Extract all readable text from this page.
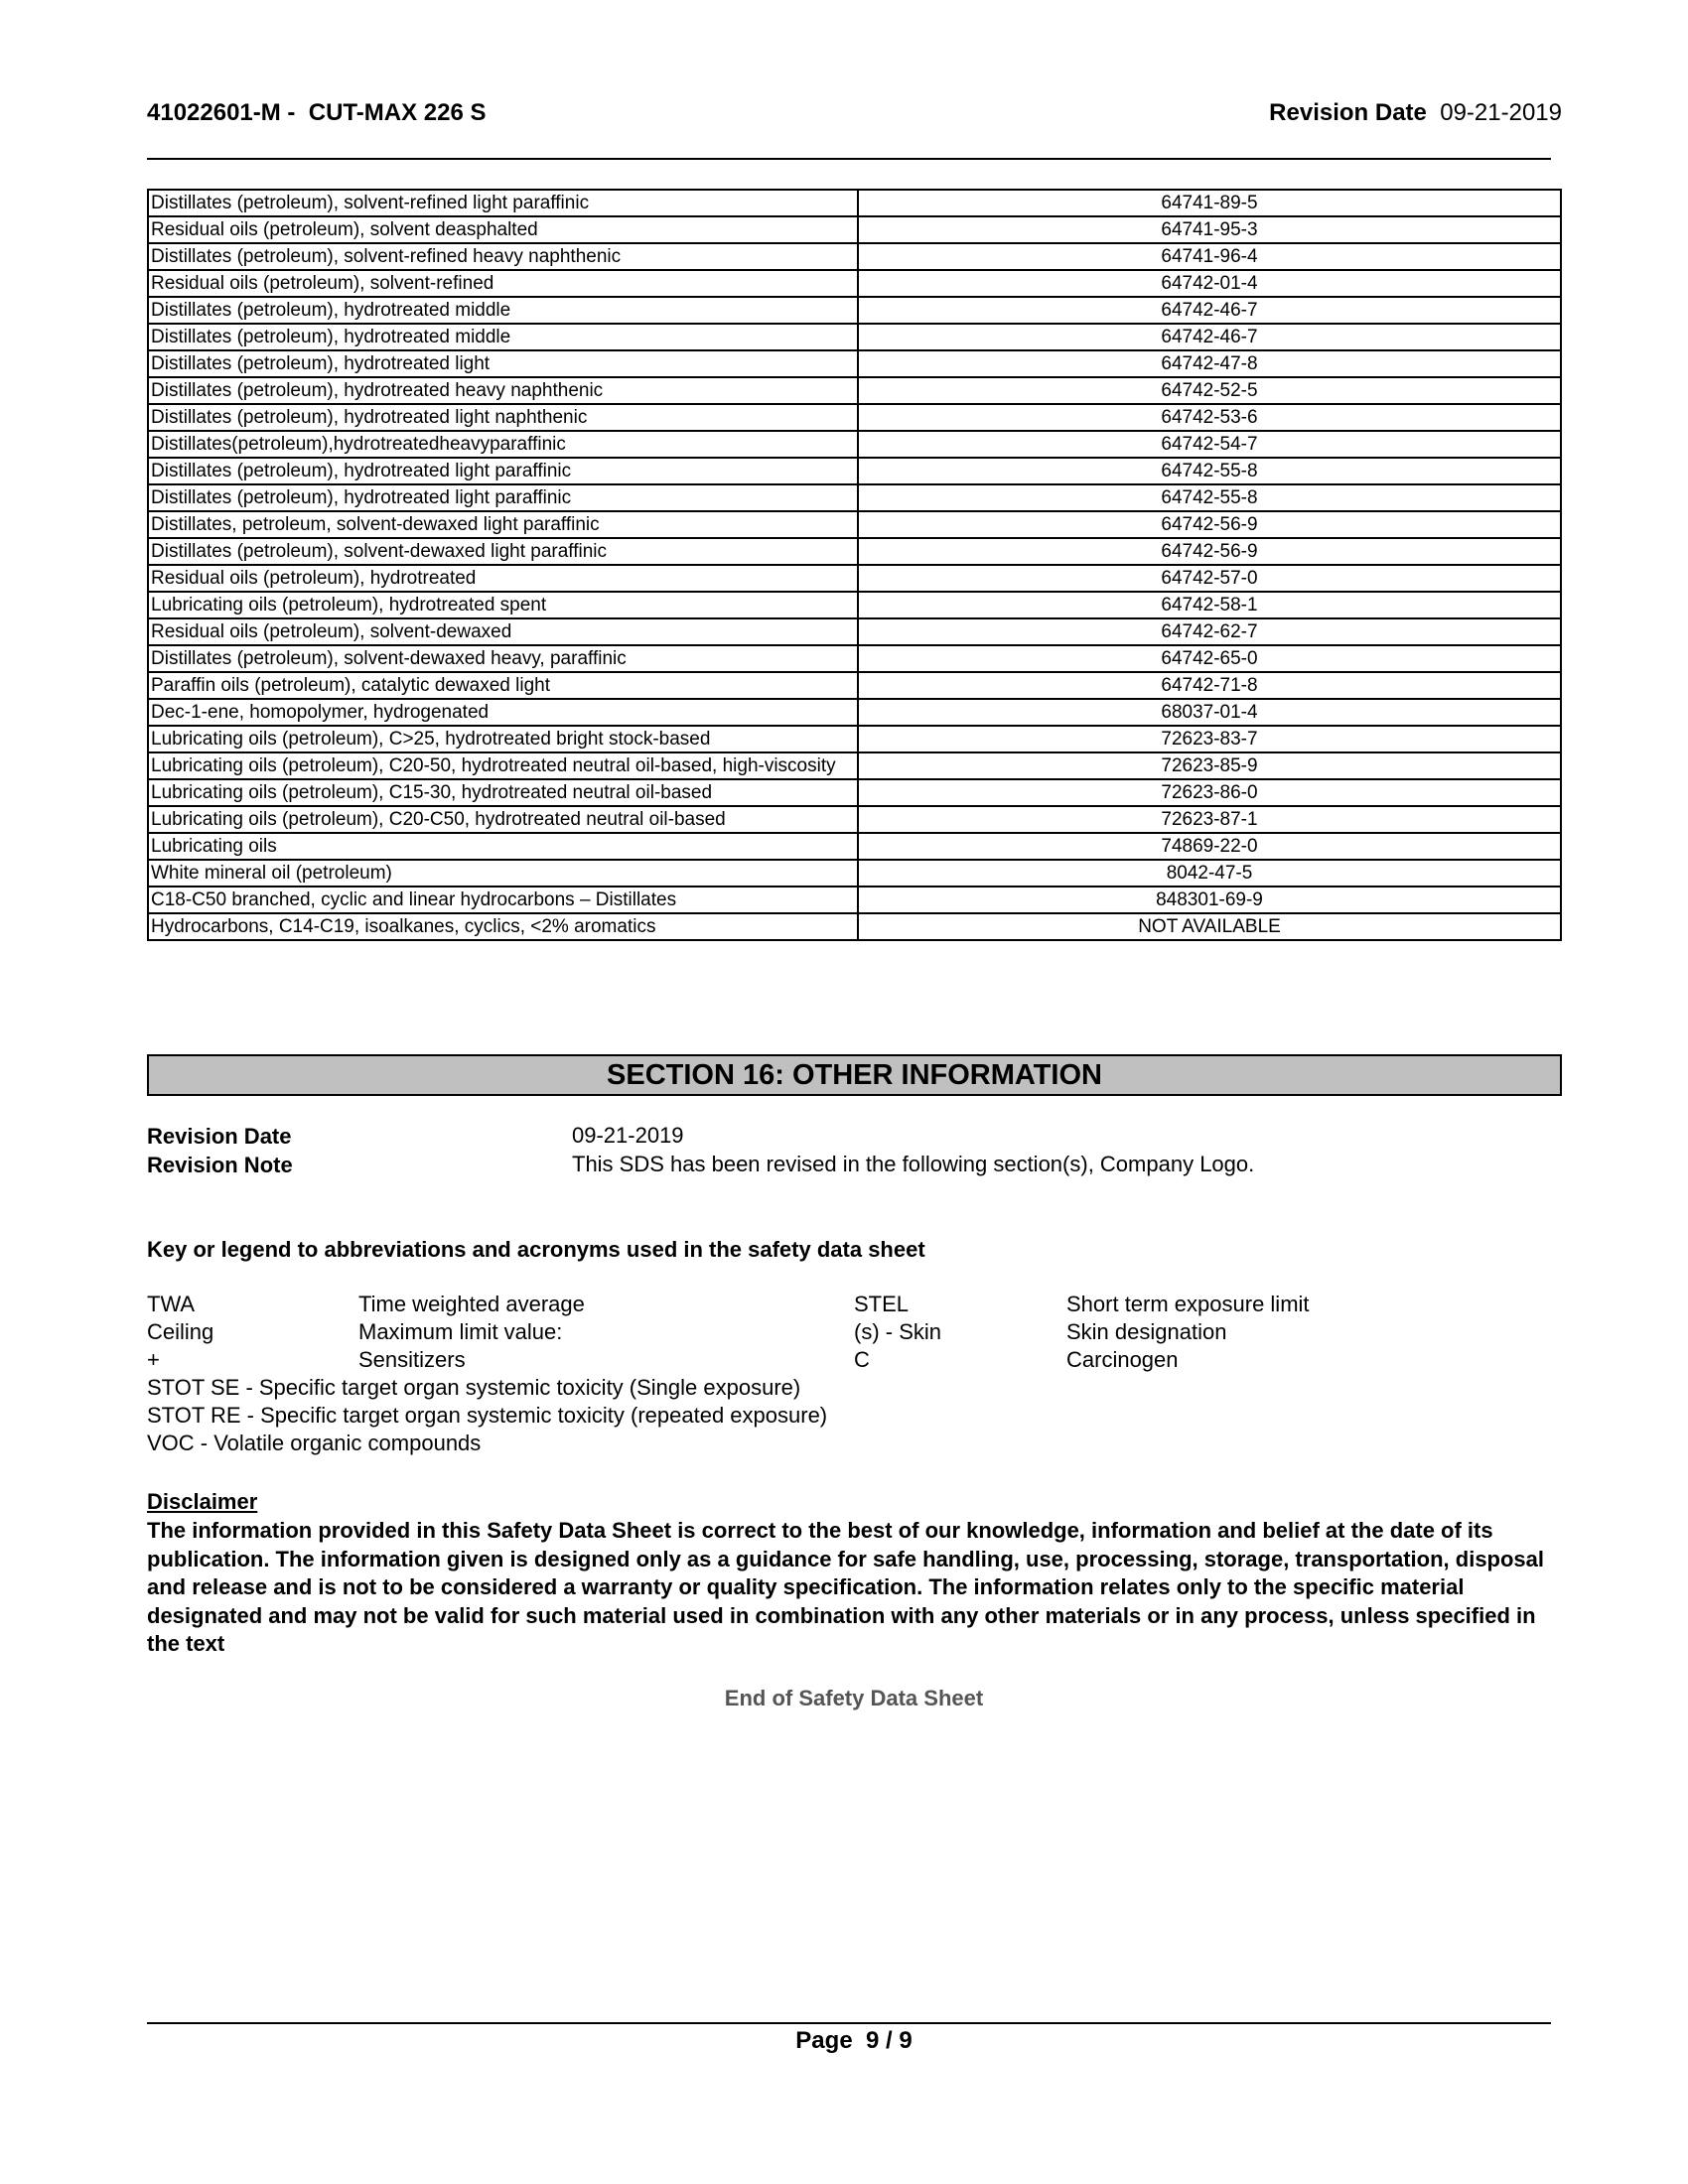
41022601-M -  CUT-MAX 226 S	Revision Date 09-21-2019
Distillates (petroleum), solvent-refined light paraffinic	64741-89-5
Residual oils (petroleum), solvent deasphalted	64741-95-3
Distillates (petroleum), solvent-refined heavy naphthenic	64741-96-4
Residual oils (petroleum), solvent-refined	64742-01-4
Distillates (petroleum), hydrotreated middle	64742-46-7
Distillates (petroleum), hydrotreated middle	64742-46-7
Distillates (petroleum), hydrotreated light	64742-47-8
Distillates (petroleum), hydrotreated heavy naphthenic	64742-52-5
Distillates (petroleum), hydrotreated light naphthenic	64742-53-6
Distillates(petroleum),hydrotreatedheavyparaffinic	64742-54-7
Distillates (petroleum), hydrotreated light paraffinic	64742-55-8
Distillates (petroleum), hydrotreated light paraffinic	64742-55-8
Distillates, petroleum, solvent-dewaxed light paraffinic	64742-56-9
Distillates (petroleum), solvent-dewaxed light paraffinic	64742-56-9
Residual oils (petroleum), hydrotreated	64742-57-0
Lubricating oils (petroleum), hydrotreated spent	64742-58-1
Residual oils (petroleum), solvent-dewaxed	64742-62-7
Distillates (petroleum), solvent-dewaxed heavy, paraffinic	64742-65-0
Paraffin oils (petroleum), catalytic dewaxed light	64742-71-8
Dec-1-ene, homopolymer, hydrogenated	68037-01-4
Lubricating oils (petroleum), C>25, hydrotreated bright stock-based	72623-83-7
Lubricating oils (petroleum), C20-50, hydrotreated neutral oil-based, high-viscosity	72623-85-9
Lubricating oils (petroleum), C15-30, hydrotreated neutral oil-based	72623-86-0
Lubricating oils (petroleum), C20-C50, hydrotreated neutral oil-based	72623-87-1
Lubricating oils	74869-22-0
White mineral oil (petroleum)	8042-47-5
C18-C50 branched, cyclic and linear hydrocarbons – Distillates	848301-69-9
Hydrocarbons, C14-C19, isoalkanes, cyclics, <2% aromatics	NOT AVAILABLE
SECTION 16: OTHER INFORMATION
Revision Date	09-21-2019
Revision Note	This SDS has been revised in the following section(s), Company Logo.
Key or legend to abbreviations and acronyms used in the safety data sheet
TWA	Time weighted average	STEL	Short term exposure limit
Ceiling	Maximum limit value:	(s) - Skin	Skin designation
+	Sensitizers	C	Carcinogen
STOT SE - Specific target organ systemic toxicity (Single exposure)
STOT RE - Specific target organ systemic toxicity (repeated exposure)
VOC - Volatile organic compounds
Disclaimer
The information provided in this Safety Data Sheet is correct to the best of our knowledge, information and belief at the date of its publication. The information given is designed only as a guidance for safe handling, use, processing, storage, transportation, disposal and release and is not to be considered a warranty or quality specification. The information relates only to the specific material designated and may not be valid for such material used in combination with any other materials or in any process, unless specified in the text
End of Safety Data Sheet
Page  9 / 9
